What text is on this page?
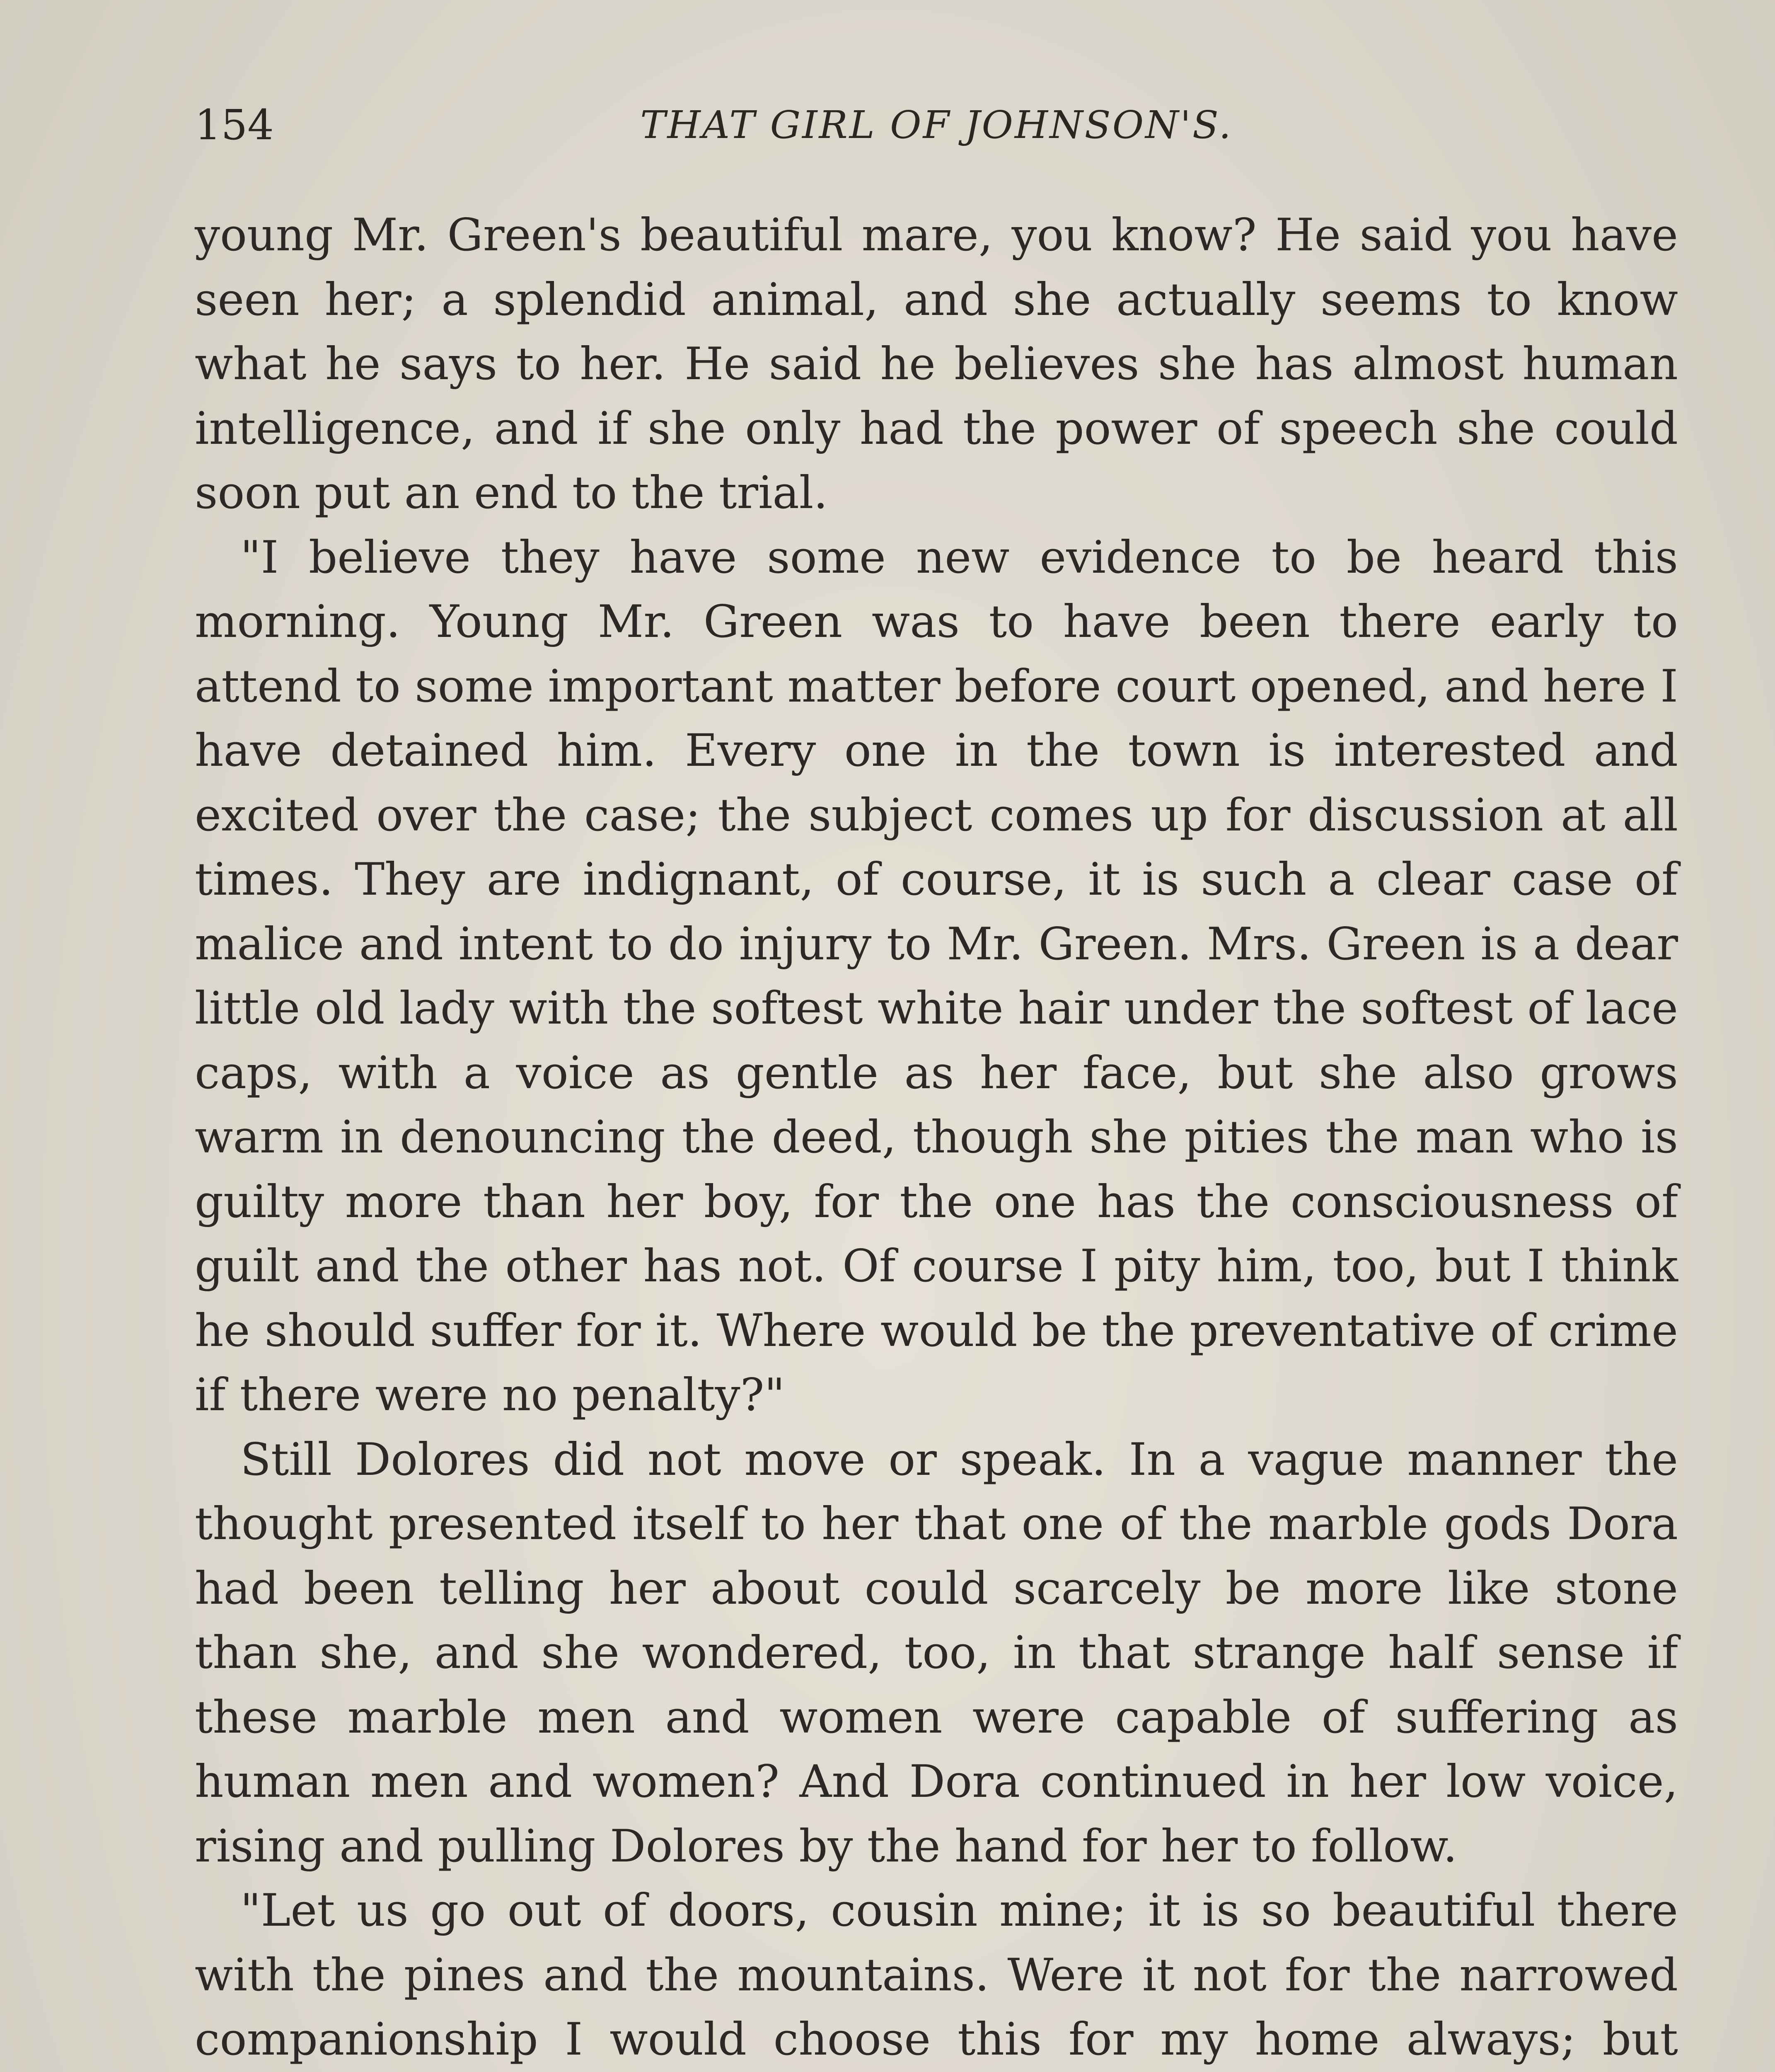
154	THAT GIRL OF JOHNSON'S.

young Mr. Green's beautiful mare, you know? He said you have seen her; a splendid animal, and she actually seems to know what he says to her. He said he believes she has almost human intelligence, and if she only had the power of speech she could soon put an end to the trial.

"I believe they have some new evidence to be heard this morning. Young Mr. Green was to have been there early to attend to some important matter before court opened, and here I have detained him. Every one in the town is interested and excited over the case; the subject comes up for discussion at all times. They are indignant, of course, it is such a clear case of malice and intent to do injury to Mr. Green. Mrs. Green is a dear little old lady with the softest white hair under the softest of lace caps, with a voice as gentle as her face, but she also grows warm in denouncing the deed, though she pities the man who is guilty more than her boy, for the one has the consciousness of guilt and the other has not. Of course I pity him, too, but I think he should suffer for it. Where would be the preventative of crime if there were no penalty?"

Still Dolores did not move or speak. In a vague manner the thought presented itself to her that one of the marble gods Dora had been telling her about could scarcely be more like stone than she, and she wondered, too, in that strange half sense if these marble men and women were capable of suffering as human men and women? And Dora continued in her low voice, rising and pulling Dolores by the hand for her to follow.

"Let us go out of doors, cousin mine; it is so beautiful there with the pines and the mountains. Were it not for the narrowed companionship I would choose this for my home always; but
